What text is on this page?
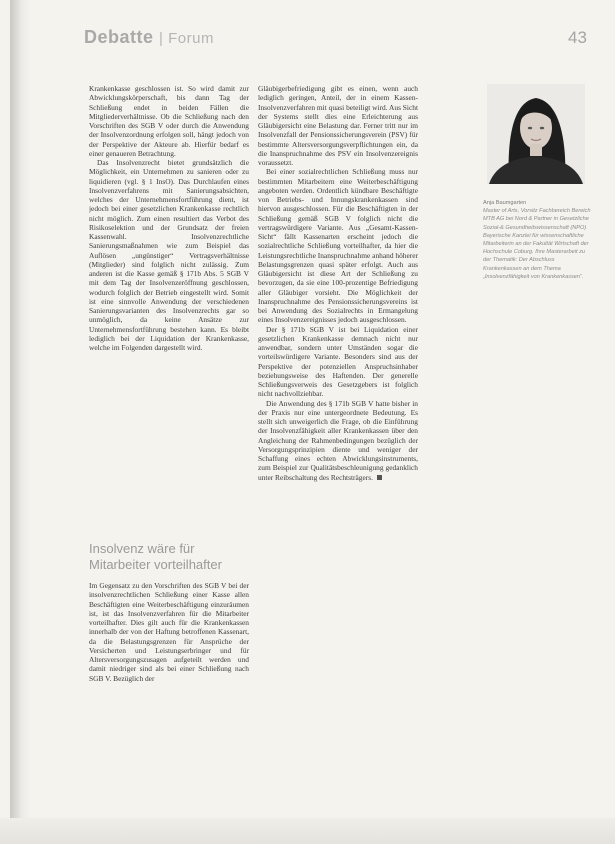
Debatte | Forum	43

Krankenkasse geschlossen ist. So wird damit zur Abwicklungskörperschaft, bis dann Tag der Schließung endet in beiden Fällen die Mitgliederverhältnisse. Ob die Schließung nach den Vorschriften des SGB V oder durch die Anwendung der Insolvenzordnung erfolgen soll, hängt jedoch von der Perspektive der Akteure ab. Hierfür bedarf es einer genaueren Betrachtung.

Das Insolvenzrecht bietet grundsätzlich die Möglichkeit, ein Unternehmen zu sanieren oder zu liquidieren (vgl. § 1 InsO). Das Durchlaufen eines Insolvenzverfahrens mit Sanierungsabsichten, welches der Unternehmensfortführung dient, ist jedoch bei einer gesetzlichen Krankenkasse rechtlich nicht möglich. Zum einen resultiert das Verbot des Risikoselektion und der Grundsatz der freien Kassenwahl. Insolvenzrechtliche Sanierungsmaßnahmen wie zum Beispiel das Auflösen „ungünstiger“ Vertragsverhältnisse (Mitglieder) sind folglich nicht zulässig. Zum anderen ist die Kasse gemäß § 171b Abs. 5 SGB V mit dem Tag der Insolvenzeröffnung geschlossen, wodurch folglich der Betrieb eingestellt wird. Somit ist eine sinnvolle Anwendung der verschiedenen Sanierungsvarianten des Insolvenzrechts gar so unmöglich, da keine Ansätze zur Unternehmensfortführung bestehen kann. Es bleibt lediglich bei der Liquidation der Krankenkasse, welche im Folgenden dargestellt wird.

Insolvenz wäre für Mitarbeiter vorteilhafter

Im Gegensatz zu den Vorschriften des SGB V bei der insolvenzrechtlichen Schließung einer Kasse allen Beschäftigten eine Weiterbeschäftigung einzuräumen ist, ist das Insolvenzverfahren für die Mitarbeiter vorteilhafter. Dies gilt auch für die Krankenkassen innerhalb der von der Haftung betroffenen Kassenart, da die Belastungsgrenzen für Ansprüche der Versicherten und Leistungserbringer und für Altersversorgungszusagen aufgeteilt werden und damit niedriger sind als bei einer Schließung nach SGB V. Bezüglich der

Gläubigerbefriedigung gibt es einen, wenn auch lediglich geringen, Anteil, der in einem Kassen-Insolvenzverfahren mit quasi beteiligt wird. Aus Sicht der Systems stellt dies eine Erleichterung aus Gläubigersicht eine Belastung dar. Ferner tritt nur im Insolvenzfall der Pensionssicherungsverein (PSV) für bestimmte Altersversorgungsverpflichtungen ein, da die Inanspruchnahme des PSV ein Insolvenzereignis voraussetzt.

Bei einer sozialrechtlichen Schließung muss nur bestimmten Mitarbeitern eine Weiterbeschäftigung angeboten werden. Ordentlich kündbare Beschäftigte von Betriebs- und Innungskrankenkassen sind hiervon ausgeschlossen. Für die Beschäftigten in der Schließung gemäß SGB V folglich nicht die vertragswürdigere Variante. Aus „Gesamt-Kassen-Sicht“ fällt Kassenarten erscheint jedoch die sozialrechtliche Schließung vorteilhafter, da hier die Leistungsrechtliche Inanspruchnahme anhand höherer Belastungsgrenzen quasi später erfolgt. Auch aus Gläubigersicht ist diese Art der Schließung zu bevorzugen, da sie eine 100-prozentige Befriedigung aller Gläubiger vorsieht. Die Möglichkeit der Inanspruchnahme des Pensionssicherungsvereins ist bei Anwendung des Sozialrechts in Ermangelung eines Insolvenzereignisses jedoch ausgeschlossen.

Der § 171b SGB V ist bei Liquidation einer gesetzlichen Krankenkasse demnach nicht nur anwendbar, sondern unter Umständen sogar die vorteilswürdigere Variante. Besonders sind aus der Perspektive der potenziellen Anspruchsinhaber beziehungsweise des Haftenden. Der generelle Schließungsverweis des Gesetzgebers ist folglich nicht nachvollziehbar.

Die Anwendung des § 171b SGB V hatte bisher in der Praxis nur eine untergeordnete Bedeutung. Es stellt sich unweigerlich die Frage, ob die Einführung der Insolvenzfähigkeit aller Krankenkassen über den Angleichung der Rahmenbedingungen bezüglich der Versorgungsprinzipien diente und weniger der Schaffung eines echten Abwicklungsinstruments, zum Beispiel zur Qualitätsbeschleunigung gedanklich unter Reibschaltung des Rechtsträgers.

Anja Baumgarten
Master of Arts, Vorsitz Fachbereich Bereich MTB AG bei Nord & Partner in Gesetzliche Sozial-& Gesundheitswissenschaft (NPO) Bayerische Kanzlei für wissenschaftliche Mitarbeiterin an der Fakultät Wirtschaft der Hochschule Coburg. Ihre Masterarbeit zu der Thematik: Der Abschluss Krankenkassen an dem Thema „Insolvenzfähigkeit von Krankenkassen“.
